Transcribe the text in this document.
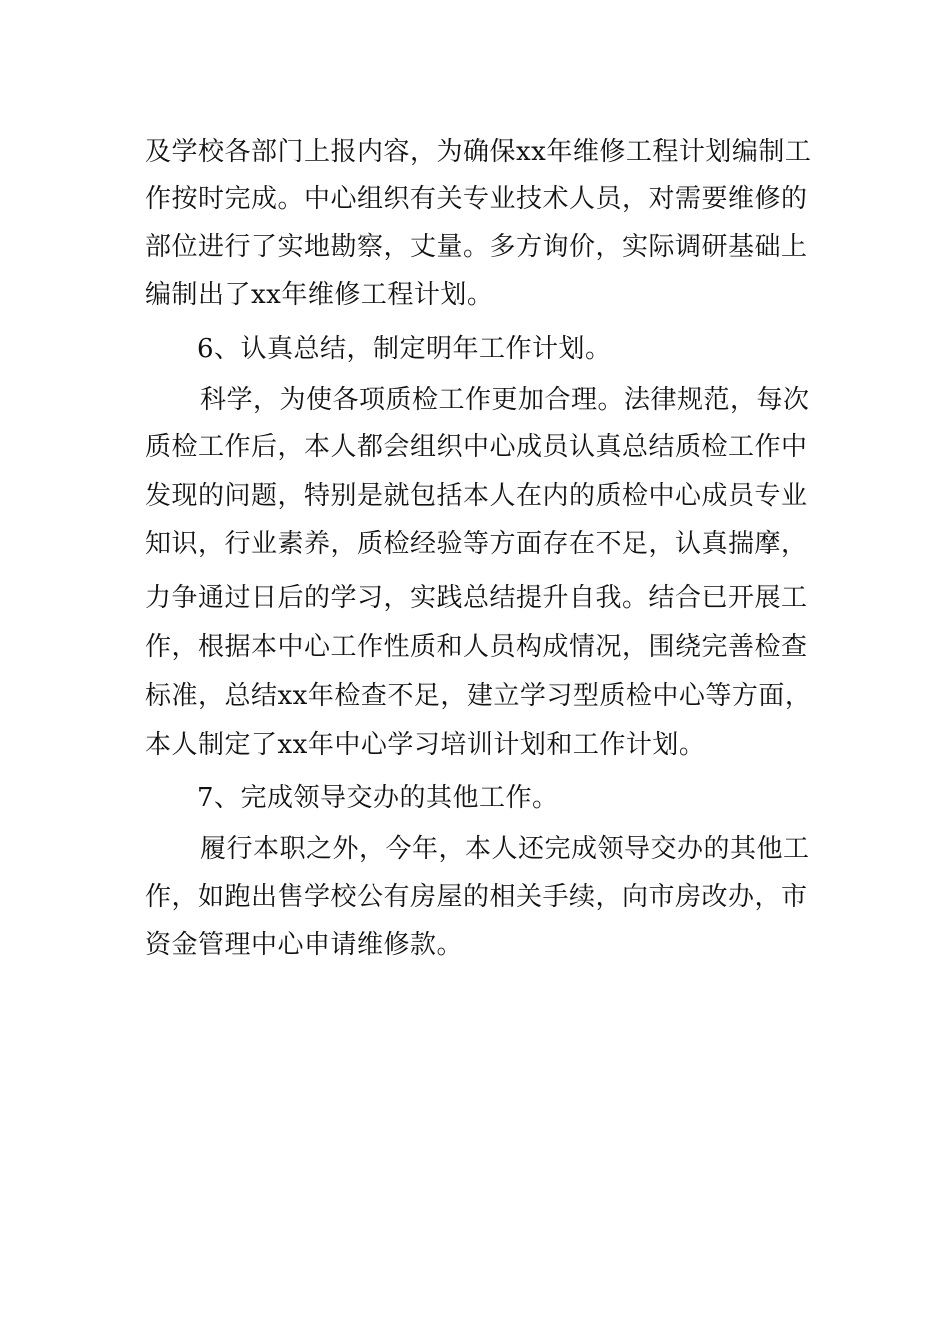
及学校各部门上报内容，为确保xx年维修工程计划编制工
作按时完成。中心组织有关专业技术人员，对需要维修的
部位进行了实地勘察，丈量。多方询价，实际调研基础上
编制出了xx年维修工程计划。
6、认真总结，制定明年工作计划。
科学，为使各项质检工作更加合理。法律规范，每次
质检工作后，本人都会组织中心成员认真总结质检工作中
发现的问题，特别是就包括本人在内的质检中心成员专业
知识，行业素养，质检经验等方面存在不足，认真揣摩，
力争通过日后的学习，实践总结提升自我。结合已开展工
作，根据本中心工作性质和人员构成情况，围绕完善检查
标准，总结xx年检查不足，建立学习型质检中心等方面，
本人制定了xx年中心学习培训计划和工作计划。
7、完成领导交办的其他工作。
履行本职之外，今年，本人还完成领导交办的其他工
作，如跑出售学校公有房屋的相关手续，向市房改办，市
资金管理中心申请维修款。
